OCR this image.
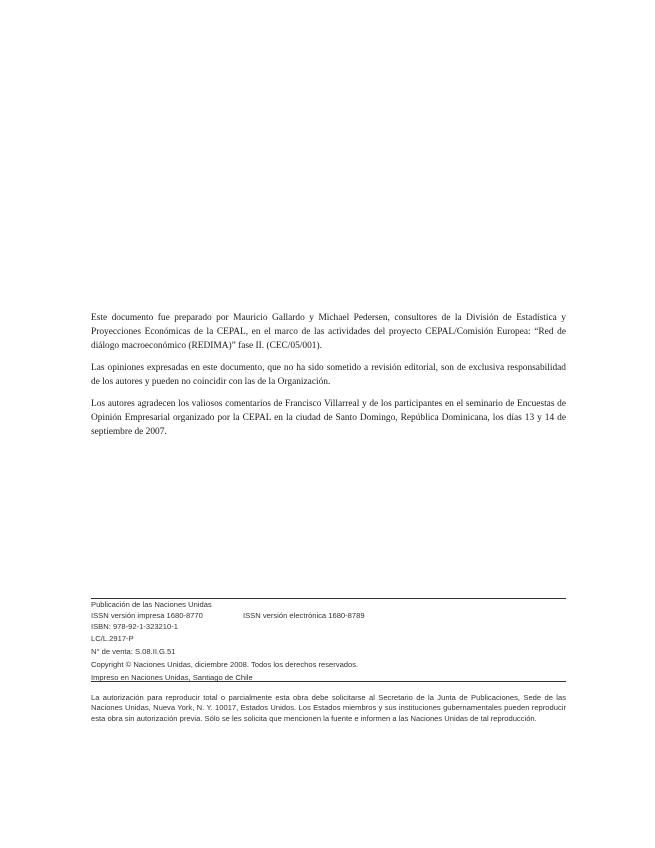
Este documento fue preparado por Mauricio Gallardo y Michael Pedersen, consultores de la División de Estadística y Proyecciones Económicas de la CEPAL, en el marco de las actividades del proyecto CEPAL/Comisión Europea: “Red de diálogo macroeconómico (REDIMA)” fase II. (CEC/05/001).

Las opiniones expresadas en este documento, que no ha sido sometido a revisión editorial, son de exclusiva responsabilidad de los autores y pueden no coincidir con las de la Organización.

Los autores agradecen los valiosos comentarios de Francisco Villarreal y de los participantes en el seminario de Encuestas de Opinión Empresarial organizado por la CEPAL en la ciudad de Santo Domingo, República Dominicana, los días 13 y 14 de septiembre de 2007.

Publicación de las Naciones Unidas
ISSN versión impresa 1680-8770	ISSN versión electrónica 1680-8789
ISBN: 978-92-1-323210-1
LC/L.2917-P
N° de venta: S.08.II.G.51
Copyright © Naciones Unidas, diciembre 2008. Todos los derechos reservados.
Impreso en Naciones Unidas, Santiago de Chile
La autorización para reproducir total o parcialmente esta obra debe solicitarse al Secretario de la Junta de Publicaciones, Sede de las Naciones Unidas, Nueva York, N. Y. 10017, Estados Unidos. Los Estados miembros y sus instituciones gubernamentales pueden reproducir esta obra sin autorización previa. Sólo se les solicita que mencionen la fuente e informen a las Naciones Unidas de tal reproducción.
